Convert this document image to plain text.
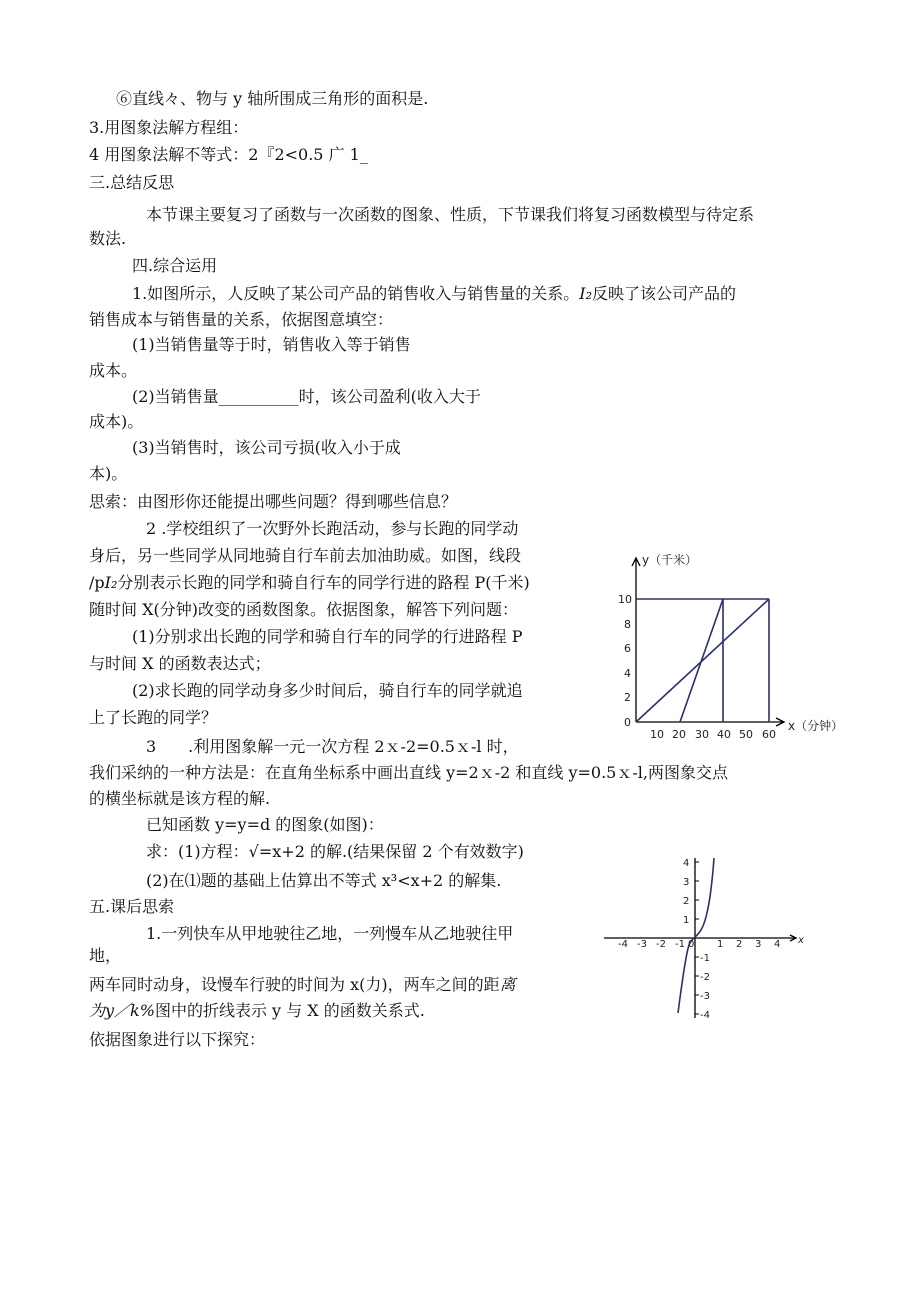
⑥直线々、物与 y 轴所围成三角形的面积是.
3.用图象法解方程组：
4 用图象法解不等式：2『2<0.5 广 1_
三.总结反思
本节课主要复习了函数与一次函数的图象、性质，下节课我们将复习函数模型与待定系
数法.
四.综合运用
1.如图所示，人反映了某公司产品的销售收入与销售量的关系。I₂反映了该公司产品的
销售成本与销售量的关系，依据图意填空：
(1)当销售量等于时，销售收入等于销售
成本。
(2)当销售量__________时，该公司盈利(收入大于
成本)。
(3)当销售时，该公司亏损(收入小于成
本)。
思索：由图形你还能提出哪些问题？得到哪些信息？
2 .学校组织了一次野外长跑活动，参与长跑的同学动
身后，另一些同学从同地骑自行车前去加油助威。如图，线段
/pI₂分别表示长跑的同学和骑自行车的同学行进的路程 P(千米)
随时间 X(分钟)改变的函数图象。依据图象，解答下列问题：
(1)分别求出长跑的同学和骑自行车的同学的行进路程 P
与时间 X 的函数表达式；
(2)求长跑的同学动身多少时间后，骑自行车的同学就追
上了长跑的同学？
3　　.利用图象解一元一次方程 2ｘ-2=0.5ｘ-l 时，
我们采纳的一种方法是：在直角坐标系中画出直线 y=2ｘ-2 和直线 y=0.5ｘ-l,两图象交点
的横坐标就是该方程的解.
已知函数 y=y=d 的图象(如图)：
求：(1)方程：√=x+2 的解.(结果保留 2 个有效数字)
(2)在⑴题的基础上估算出不等式 x³<x+2 的解集.
五.课后思索
1.一列快车从甲地驶往乙地，一列慢车从乙地驶往甲
地，
两车同时动身，设慢车行驶的时间为 x(力)，两车之间的距离
为y／k%图中的折线表示 y 与 X 的函数关系式.
依据图象进行以下探究：
y（千米）
x（分钟）
0
2
4
6
8
10
10 20 30 40 50 60
4
3
2
1
-1
-2
-3
-4
-4 -3 -2 -1 0 1 2 3 4 x
